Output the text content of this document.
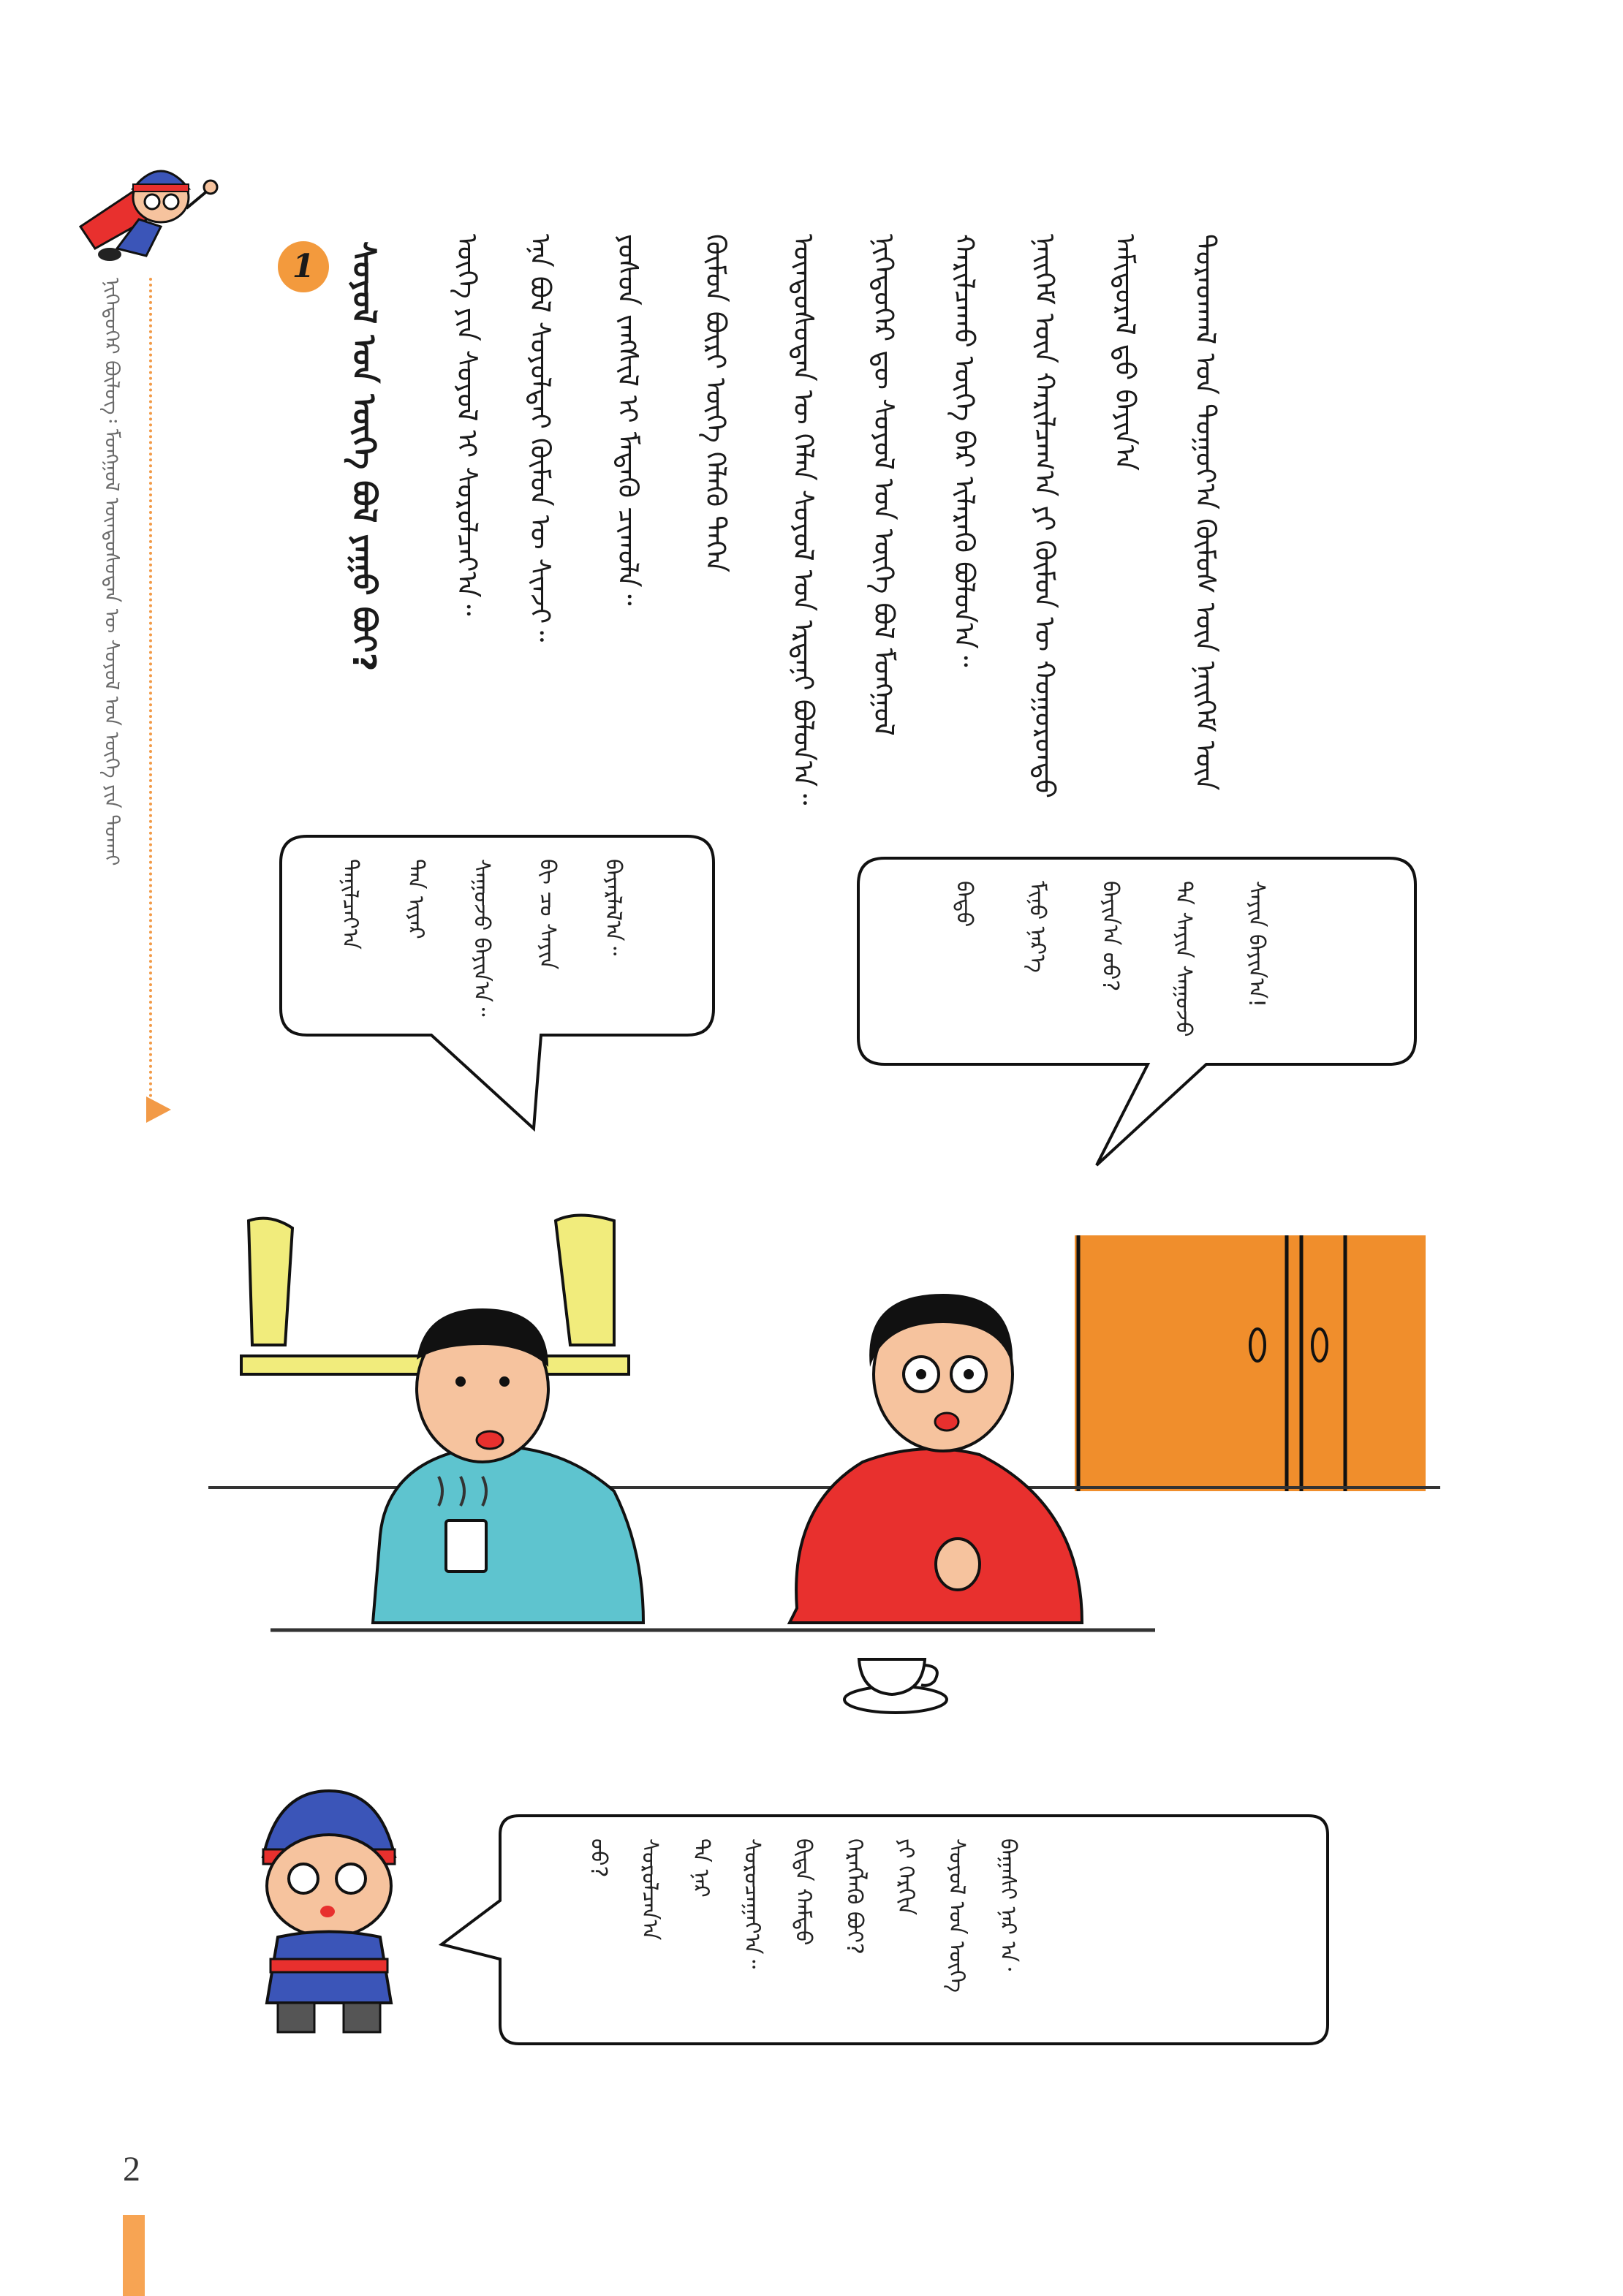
ᠨᠢᠭᠡᠳᠦᠭᠡᠷ ᠪᠦᠯᠦᠭ᠄ ᠮᠣᠩᠭᠣᠯ ᠦᠨᠳᠦᠰᠦᠲᠡᠨ ᠦ ᠰᠤᠶᠤᠯ ᠤᠨ ᠦᠭᠡ ᠶᠢᠨ ᠲᠤᠬᠠᠢ	ᠳᠤᠷᠠᠳᠬᠠᠯ ᠤᠨ ᠳᠤᠭᠤᠶ᠎ᠠ ᠬᠦᠮᠦᠰ ᠦᠨ ᠨᠡᠢᠭᠡᠮ ᠦᠨ
ᠠᠮᠢᠳᠤᠷᠠᠯ ᠳ᠋ᠤ ᠪᠠᠶᠢᠨ᠎ᠠ
ᠨᠡᠢᠭᠡᠮ ᠦᠨ ᠬᠠᠷᠢᠯᠴᠠᠭ᠎ᠠ ᠶᠢ ᠬᠦᠮᠦᠨ ᠦ ᠬᠣᠭᠣᠷᠤᠨᠳᠤ
ᠬᠠᠷᠢᠯᠴᠠᠬᠤ ᠦᠭᠡ ᠪᠠᠷ ᠢᠯᠡᠷᠡᠬᠦ᠌ ᠪᠣᠯᠤᠨ᠎ᠠ᠃
ᠨᠢᠭᠡᠳᠦᠭᠡᠷ ᠳᠦ ᠰᠤᠶᠤᠯ ᠤᠨ ᠦᠭᠡ ᠪᠣᠯ ᠮᠣᠩᠭᠣᠯ
ᠦᠨᠳᠦᠰᠦᠲᠡᠨ ᠦ ᠬᠡᠯᠡᠨ ᠰᠤᠶᠤᠯ ᠤᠨ ᠡᠷᠳᠡᠨᠢ ᠪᠣᠯᠤᠨ᠎ᠠ᠃
ᠬᠦᠮᠦᠨ ᠪᠦᠷᠢ ᠦᠭᠡ ᠬᠡᠯᠡᠬᠦ ᠳᠡᠭᠡᠨ
ᠶᠣᠰᠤᠨ ᠵᠠᠩᠰᠢᠯ ᠢ ᠮᠡᠳᠡᠬᠦ ᠴᠢᠬᠤᠯᠠ᠃
ᠡᠨᠡ ᠪᠣᠯ ᠰᠤᠶᠤᠯᠲᠠᠢ ᠬᠦᠮᠦᠨ ᠦ ᠰᠢᠨᠵᠢ᠃
ᠦᠭᠡ ᠶᠢᠨ ᠰᠤᠶᠤᠯ ᠢ ᠰᠤᠷᠤᠯᠴᠠᠶ᠎ᠠ᠃
1 ᠰᠤᠶᠤᠯ ᠤᠨ ᠦᠭᠡ ᠪᠣᠯ ᠶᠠᠭᠤ ᠪᠣᠢ?
ᠰᠠᠶᠢᠨ ᠪᠠᠶᠢᠨ᠎ᠠ!
ᠲᠠ ᠰᠠᠶᠢᠨ ᠰᠠᠭᠤᠵᠤ
ᠪᠠᠶᠢᠨ᠎ᠠ ᠤᠤ?
ᠮᠢᠨᠤ ᠨᠡᠷ᠎ᠡ
ᠪᠠᠲᠤ
ᠪᠠᠶᠠᠷᠯᠠᠯ᠎ᠠ᠃
ᠪᠢ ᠴᠤ ᠰᠠᠶᠢᠨ
ᠰᠠᠭᠤᠵᠤ ᠪᠠᠶᠢᠨ᠎ᠠ᠃
ᠲᠠᠨ ᠢᠶᠠᠷ
ᠲᠠᠨᠢᠯᠴᠠᠶ᠎ᠠ
ᠪᠠᠭᠠᠰᠢ ᠨᠠᠷ ᠠ᠂
ᠰᠤᠶᠤᠯ ᠤᠨ ᠦᠭᠡ
ᠶᠢ ᠬᠡᠷᠬᠢᠨ
ᠬᠡᠷᠡᠭᠯᠡᠬᠦ ᠪᠤᠢ?
ᠪᠢᠳᠡ ᠬᠠᠮᠲᠤ
ᠰᠤᠷᠤᠴᠠᠭᠠᠶ᠎ᠠ᠃
ᠲᠠ ᠨᠠᠷ
ᠰᠤᠷᠤᠯᠴᠠᠨ᠎ᠠ
ᠤᠤ?
2
